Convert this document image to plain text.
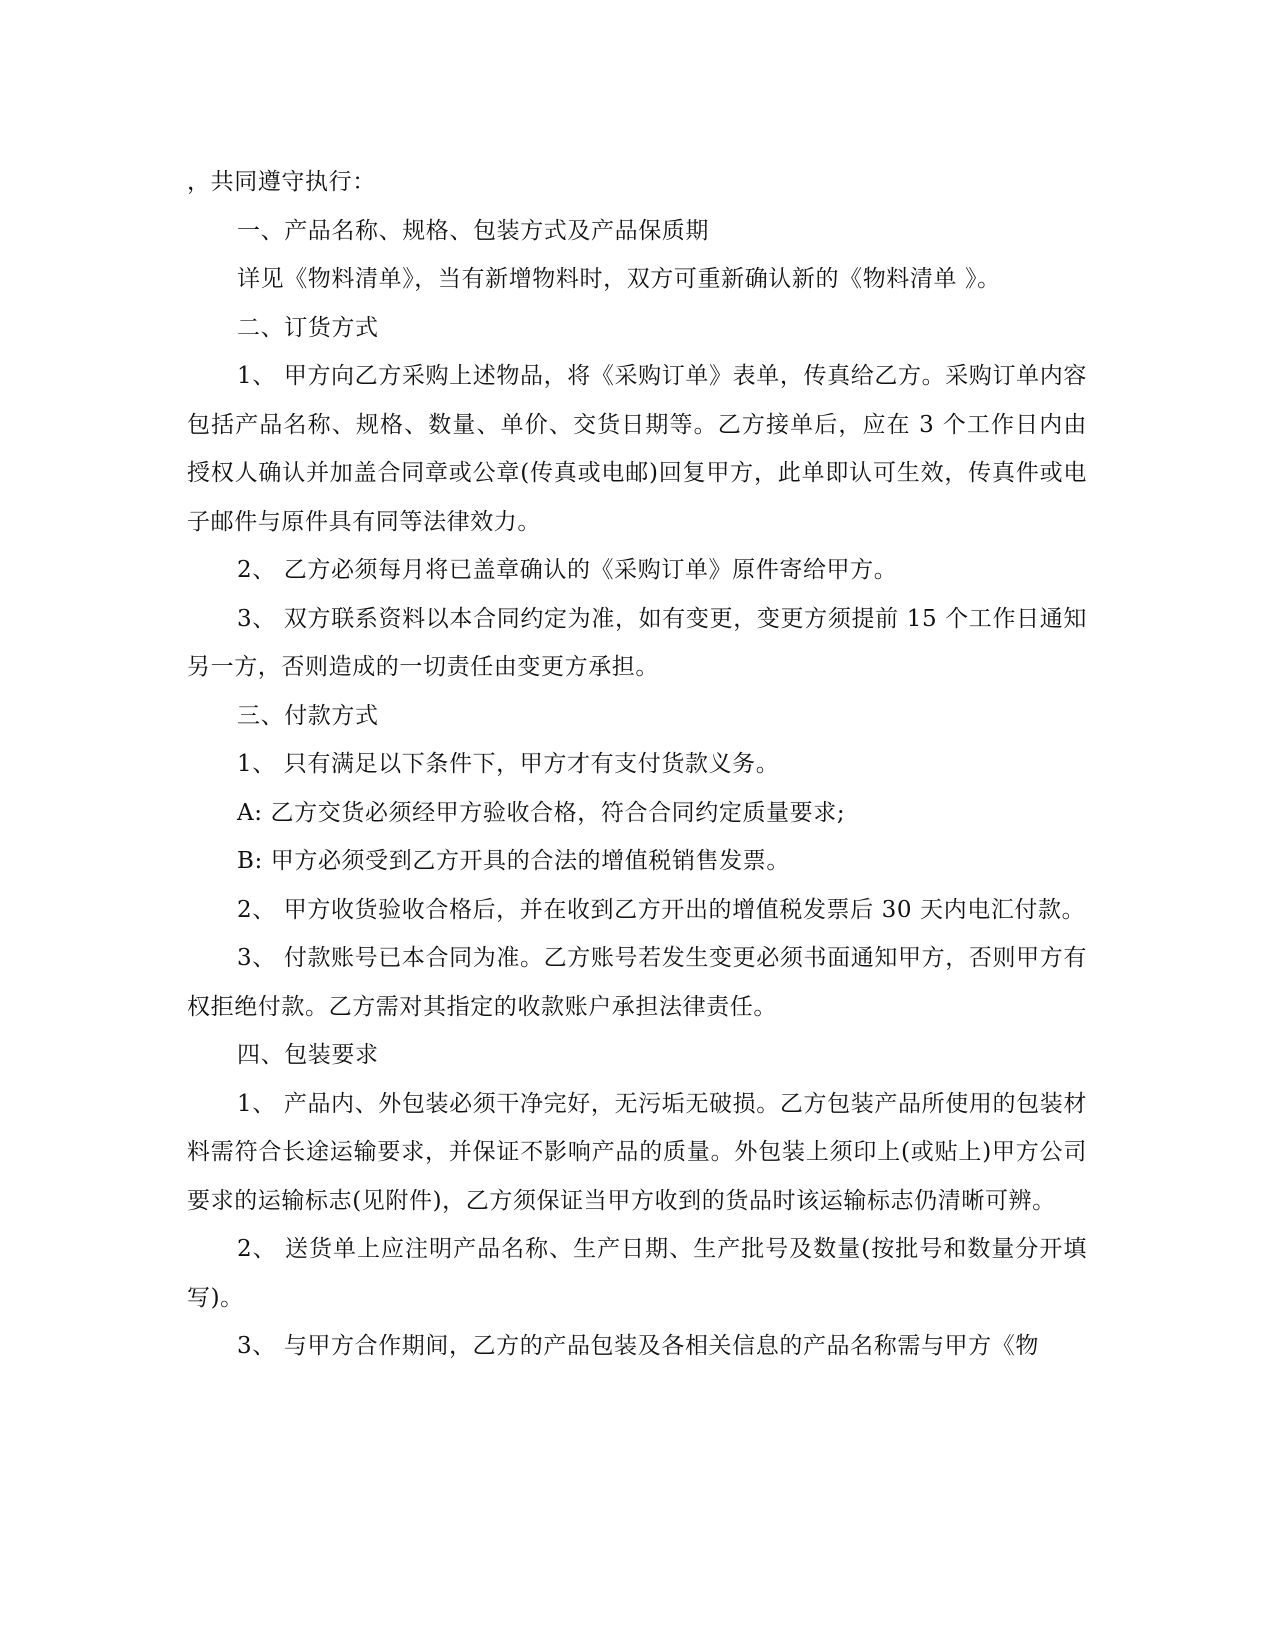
，共同遵守执行：

一、产品名称、规格、包装方式及产品保质期

详见《物料清单》，当有新增物料时，双方可重新确认新的《物料清单 》。

二、订货方式

1、 甲方向乙方采购上述物品，将《采购订单》表单，传真给乙方。采购订单内容包括产品名称、规格、数量、单价、交货日期等。乙方接单后，应在 3 个工作日内由授权人确认并加盖合同章或公章(传真或电邮)回复甲方，此单即认可生效，传真件或电子邮件与原件具有同等法律效力。

2、 乙方必须每月将已盖章确认的《采购订单》原件寄给甲方。

3、 双方联系资料以本合同约定为准，如有变更，变更方须提前 15 个工作日通知另一方，否则造成的一切责任由变更方承担。

三、付款方式

1、 只有满足以下条件下，甲方才有支付货款义务。

A: 乙方交货必须经甲方验收合格，符合合同约定质量要求;

B: 甲方必须受到乙方开具的合法的增值税销售发票。

2、 甲方收货验收合格后，并在收到乙方开出的增值税发票后 30 天内电汇付款。

3、 付款账号已本合同为准。乙方账号若发生变更必须书面通知甲方，否则甲方有权拒绝付款。乙方需对其指定的收款账户承担法律责任。

四、包装要求

1、 产品内、外包装必须干净完好，无污垢无破损。乙方包装产品所使用的包装材料需符合长途运输要求，并保证不影响产品的质量。外包装上须印上(或贴上)甲方公司要求的运输标志(见附件)，乙方须保证当甲方收到的货品时该运输标志仍清晰可辨。

2、 送货单上应注明产品名称、生产日期、生产批号及数量(按批号和数量分开填写)。

3、 与甲方合作期间，乙方的产品包装及各相关信息的产品名称需与甲方《物
